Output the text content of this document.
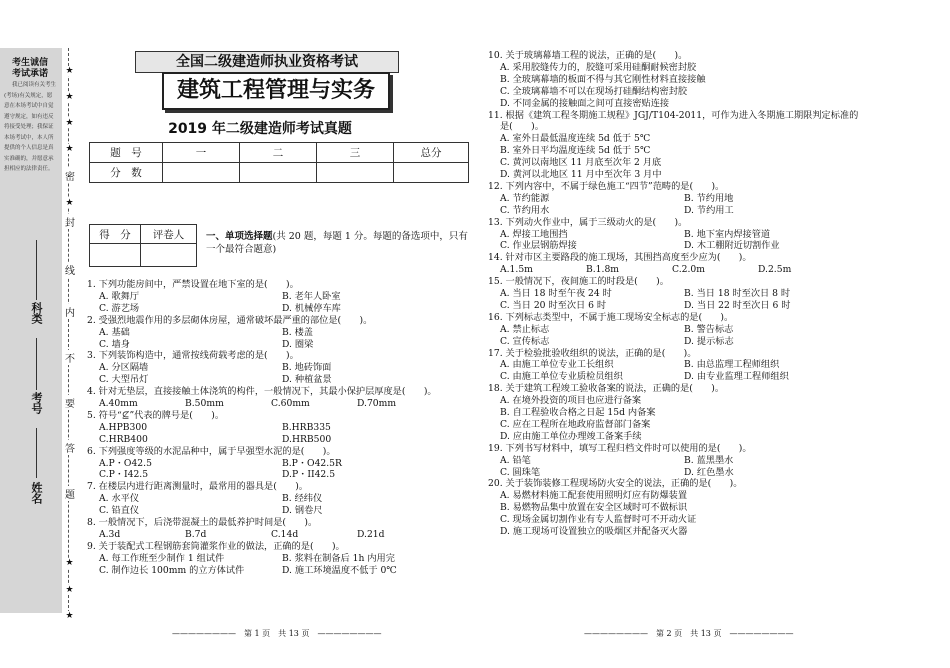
考生诚信
考试承诺
我已阅读有关考生(考场)有关规定，愿意在本场考试中自觉遵守规定，如有违反将接受处理；我保证本场考试中，本人所提供的个人信息是真实准确的，并愿意承担相应的法律责任。
科类
考号
姓名
★
★
★
★
★
★
★
★
密
封
线
内
不
要
答
题
全国二级建造师执业资格考试
建筑工程管理与实务
2019 年二级建造师考试真题
题　号	一	二	三	总分
分　数				
得　分	评卷人
	一、单项选择题(共 20 题，每题 1 分。每题的备选项中，只有一个最符合题意)
1. 下列功能房间中，严禁设置在地下室的是(　　)。
A. 歌舞厅	B. 老年人卧室
C. 游艺场	D. 机械停车库
2. 受强烈地震作用的多层砌体房屋，通常破坏最严重的部位是(　　)。
A. 基础	B. 楼盖
C. 墙身	D. 圈梁
3. 下列装饰构造中，通常按线荷载考虑的是(　　)。
A. 分区隔墙	B. 地砖饰面
C. 大型吊灯	D. 种植盆景
4. 针对无垫层，直接接触土体浇筑的构件，一般情况下，其最小保护层厚度是(　　)。
A.40mm	B.50mm	C.60mm	D.70mm
5. 符号“⊈”代表的牌号是(　　)。
A.HPB300	B.HRB335
C.HRB400	D.HRB500
6. 下列强度等级的水泥品种中，属于早强型水泥的是(　　)。
A.P・O42.5	B.P・O42.5R
C.P・I42.5	D.P・II42.5
7. 在楼层内进行距离测量时，最常用的器具是(　　)。
A. 水平仪	B. 经纬仪
C. 铅直仪	D. 钢卷尺
8. 一般情况下，后浇带混凝土的最低养护时间是(　　)。
A.3d	B.7d	C.14d	D.21d
9. 关于装配式工程钢筋套筒灌浆作业的做法，正确的是(　　)。
A. 每工作班至少制作 1 组试件	B. 浆料在制备后 1h 内用完
C. 制作边长 100mm 的立方体试件	D. 施工环境温度不低于 0℃
10. 关于玻璃幕墙工程的说法，正确的是(　　)。
A. 采用胶缝传力的，胶缝可采用硅酮耐候密封胶
B. 全玻璃幕墙的板面不得与其它刚性材料直接接触
C. 全玻璃幕墙不可以在现场打硅酮结构密封胶
D. 不同金属的接触面之间可直接密贴连接
11. 根据《建筑工程冬期施工规程》JGJ/T104-2011，可作为进入冬期施工期限判定标准的
是(　　)。
A. 室外日最低温度连续 5d 低于 5℃
B. 室外日平均温度连续 5d 低于 5℃
C. 黄河以南地区 11 月底至次年 2 月底
D. 黄河以北地区 11 月中至次年 3 月中
12. 下列内容中，不属于绿色施工“四节”范畴的是(　　)。
A. 节约能源	B. 节约用地
C. 节约用水	D. 节约用工
13. 下列动火作业中，属于三级动火的是(　　)。
A. 焊接工地围挡	B. 地下室内焊接管道
C. 作业层钢筋焊接	D. 木工棚附近切割作业
14. 针对市区主要路段的施工现场，其围挡高度至少应为(　　)。
A.1.5m	B.1.8m	C.2.0m	D.2.5m
15. 一般情况下，夜间施工的时段是(　　)。
A. 当日 18 时至午夜 24 时	B. 当日 18 时至次日 8 时
C. 当日 20 时至次日 6 时	D. 当日 22 时至次日 6 时
16. 下列标志类型中，不属于施工现场安全标志的是(　　)。
A. 禁止标志	B. 警告标志
C. 宣传标志	D. 提示标志
17. 关于检验批验收组织的说法，正确的是(　　)。
A. 由施工单位专业工长组织	B. 由总监理工程师组织
C. 由施工单位专业质检员组织	D. 由专业监理工程师组织
18. 关于建筑工程竣工验收备案的说法，正确的是(　　)。
A. 在境外投资的项目也应进行备案
B. 自工程验收合格之日起 15d 内备案
C. 应在工程所在地政府监督部门备案
D. 应由施工单位办理竣工备案手续
19. 下列书写材料中，填写工程归档文件时可以使用的是(　　)。
A. 铅笔	B. 蓝黑墨水
C. 圆珠笔	D. 红色墨水
20. 关于装饰装修工程现场防火安全的说法，正确的是(　　)。
A. 易燃材料施工配套使用照明灯应有防爆装置
B. 易燃物品集中放置在安全区域时可不做标识
C. 现场金属切割作业有专人监督时可不开动火证
D. 施工现场可设置独立的吸烟区并配备灭火器
————————　第 1 页　共 13 页　————————	————————　第 2 页　共 13 页　————————
